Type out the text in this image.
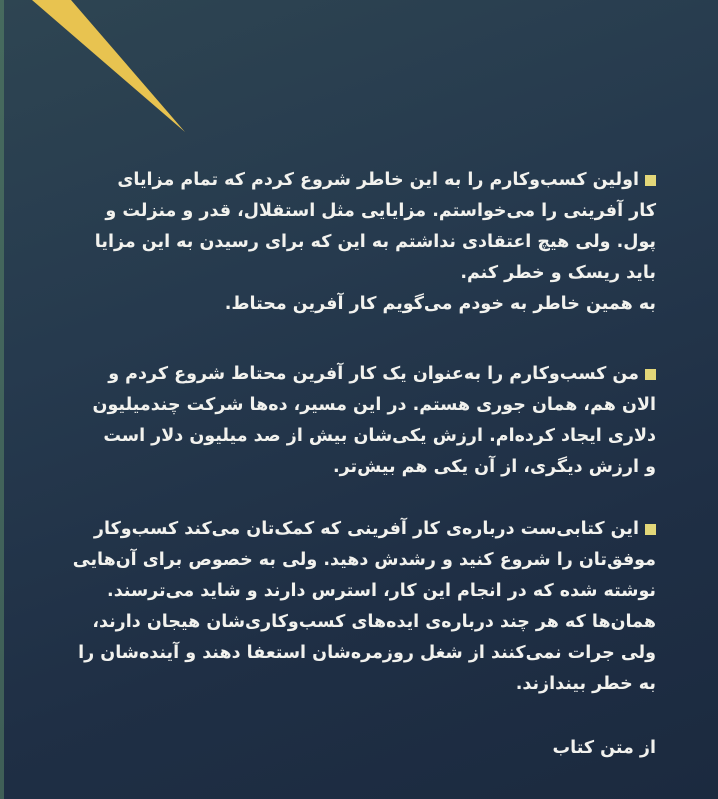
اولین کسب‌وکارم را به این خاطر شروع کردم که تمام مزایای
کار آفرینی را می‌خواستم. مزایایی مثل استقلال، قدر و منزلت و
پول. ولی هیچ اعتقادی نداشتم به این که برای رسیدن به این مزایا
باید ریسک و خطر کنم.
به همین خاطر به خودم می‌گویم کار آفرین محتاط.
من کسب‌وکارم را به‌عنوان یک کار آفرین محتاط شروع کردم و
الان هم، همان جوری هستم. در این مسیر، ده‌ها شرکت چندمیلیون
دلاری ایجاد کرده‌ام. ارزش یکی‌شان بیش از صد میلیون دلار است
و ارزش دیگری، از آن یکی هم بیش‌تر.
این کتابی‌ست درباره‌ی کار آفرینی که کمک‌تان می‌کند کسب‌وکار
موفق‌تان را شروع کنید و رشدش دهید. ولی به خصوص برای آن‌هایی
نوشته شده که در انجام این کار، استرس دارند و شاید می‌ترسند.
همان‌ها که هر چند درباره‌ی ایده‌های کسب‌وکاری‌شان هیجان دارند،
ولی جرات نمی‌کنند از شغل روزمره‌شان استعفا دهند و آینده‌شان را
به خطر بیندازند.
از متن کتاب
